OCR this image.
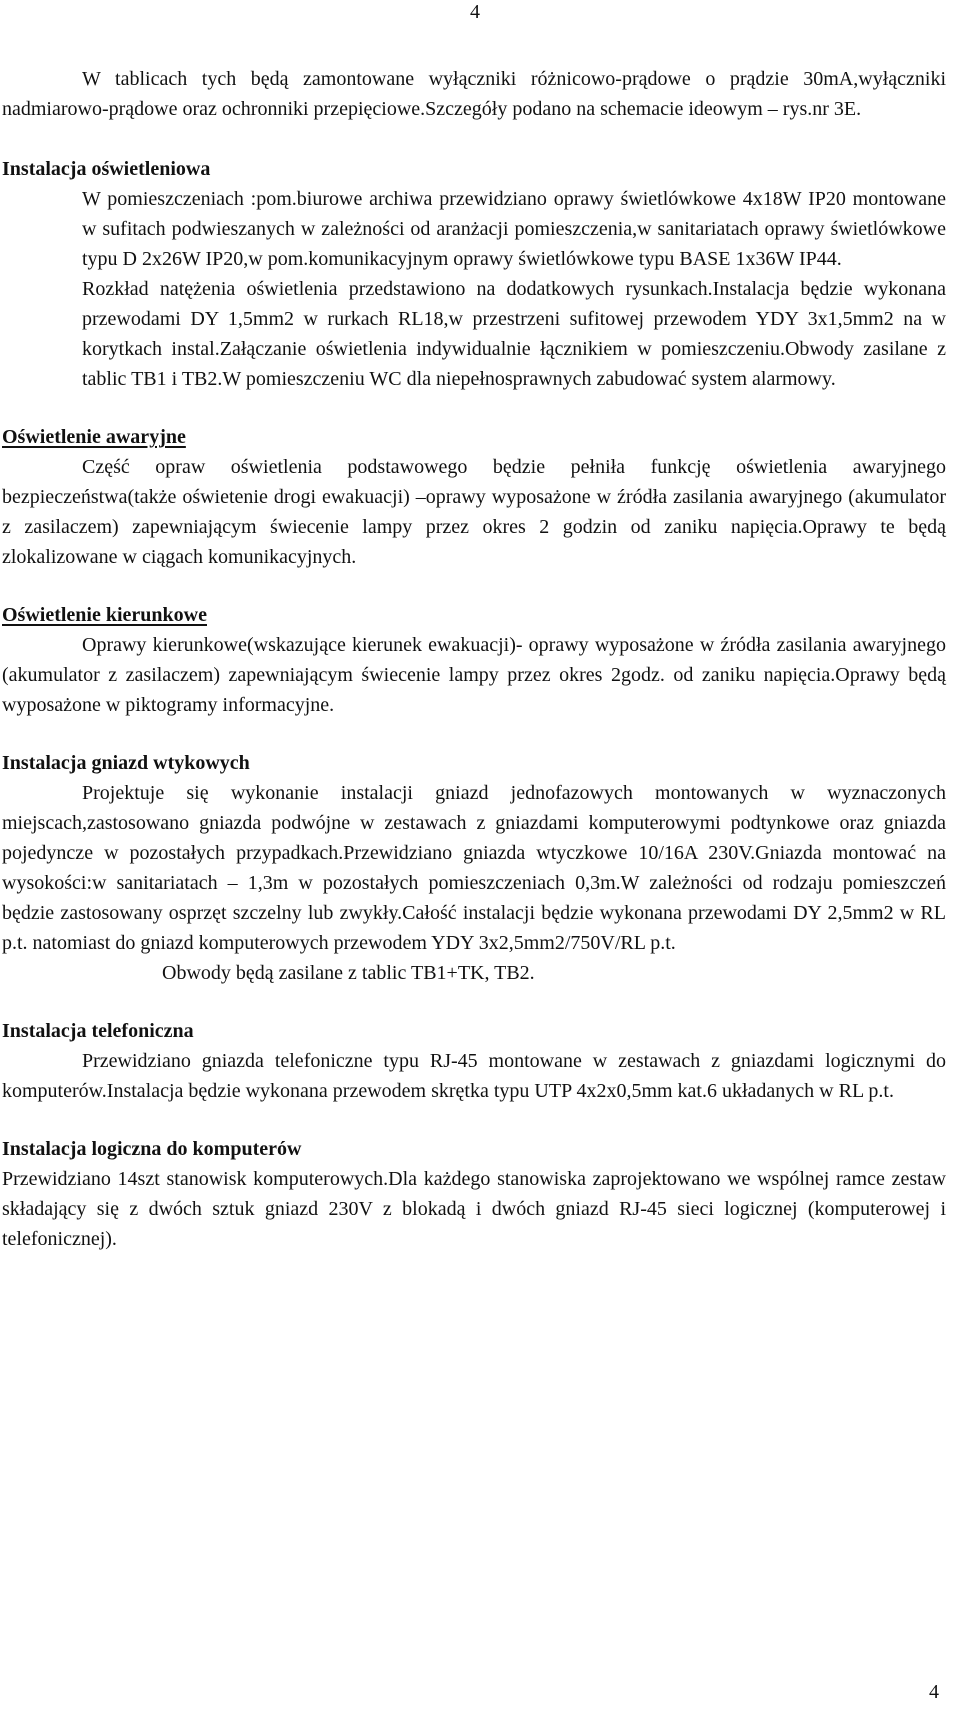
4

W tablicach tych będą zamontowane wyłączniki różnicowo-prądowe o prądzie 30mA,wyłączniki nadmiarowo-prądowe oraz ochronniki przepięciowe.Szczegóły podano na schemacie ideowym – rys.nr 3E.

Instalacja oświetleniowa

W pomieszczeniach :pom.biurowe archiwa przewidziano oprawy świetlówkowe 4x18W IP20 montowane w sufitach podwieszanych w zależności od aranżacji pomieszczenia,w sanitariatach oprawy świetlówkowe typu D 2x26W IP20,w pom.komunikacyjnym oprawy świetlówkowe typu BASE 1x36W IP44.

Rozkład natężenia oświetlenia przedstawiono na dodatkowych rysunkach.Instalacja będzie wykonana przewodami DY 1,5mm2 w rurkach RL18,w przestrzeni sufitowej przewodem YDY 3x1,5mm2 na w korytkach instal.Załączanie oświetlenia indywidualnie łącznikiem w pomieszczeniu.Obwody zasilane z tablic TB1 i TB2.W pomieszczeniu WC dla niepełnosprawnych zabudować system alarmowy.

Oświetlenie awaryjne

Część opraw oświetlenia podstawowego będzie pełniła funkcję oświetlenia awaryjnego bezpieczeństwa(także oświetenie drogi ewakuacji) –oprawy wyposażone w źródła zasilania awaryjnego (akumulator z zasilaczem) zapewniającym świecenie lampy przez okres 2 godzin od zaniku napięcia.Oprawy te będą zlokalizowane w ciągach komunikacyjnych.

Oświetlenie kierunkowe

Oprawy kierunkowe(wskazujące kierunek ewakuacji)- oprawy wyposażone w źródła zasilania awaryjnego (akumulator z zasilaczem) zapewniającym świecenie lampy przez okres 2godz. od zaniku napięcia.Oprawy będą wyposażone w piktogramy informacyjne.

Instalacja gniazd wtykowych

Projektuje się wykonanie instalacji gniazd jednofazowych montowanych w wyznaczonych miejscach,zastosowano gniazda podwójne w zestawach z gniazdami komputerowymi podtynkowe oraz gniazda pojedyncze w pozostałych przypadkach.Przewidziano gniazda wtyczkowe 10/16A 230V.Gniazda montować na wysokości:w sanitariatach – 1,3m w pozostałych pomieszczeniach 0,3m.W zależności od rodzaju pomieszczeń będzie zastosowany osprzęt szczelny lub zwykły.Całość instalacji będzie wykonana przewodami DY 2,5mm2 w RL p.t. natomiast do gniazd komputerowych przewodem YDY 3x2,5mm2/750V/RL p.t.

Obwody będą zasilane z tablic TB1+TK, TB2.

Instalacja telefoniczna

Przewidziano gniazda telefoniczne typu RJ-45 montowane w zestawach z gniazdami logicznymi do komputerów.Instalacja będzie wykonana przewodem skrętka typu UTP 4x2x0,5mm kat.6 układanych w RL p.t.

Instalacja logiczna do komputerów

Przewidziano 14szt stanowisk komputerowych.Dla każdego stanowiska zaprojektowano we wspólnej ramce zestaw składający się z dwóch sztuk gniazd 230V z blokadą i dwóch gniazd RJ-45 sieci logicznej (komputerowej i telefonicznej).

4
